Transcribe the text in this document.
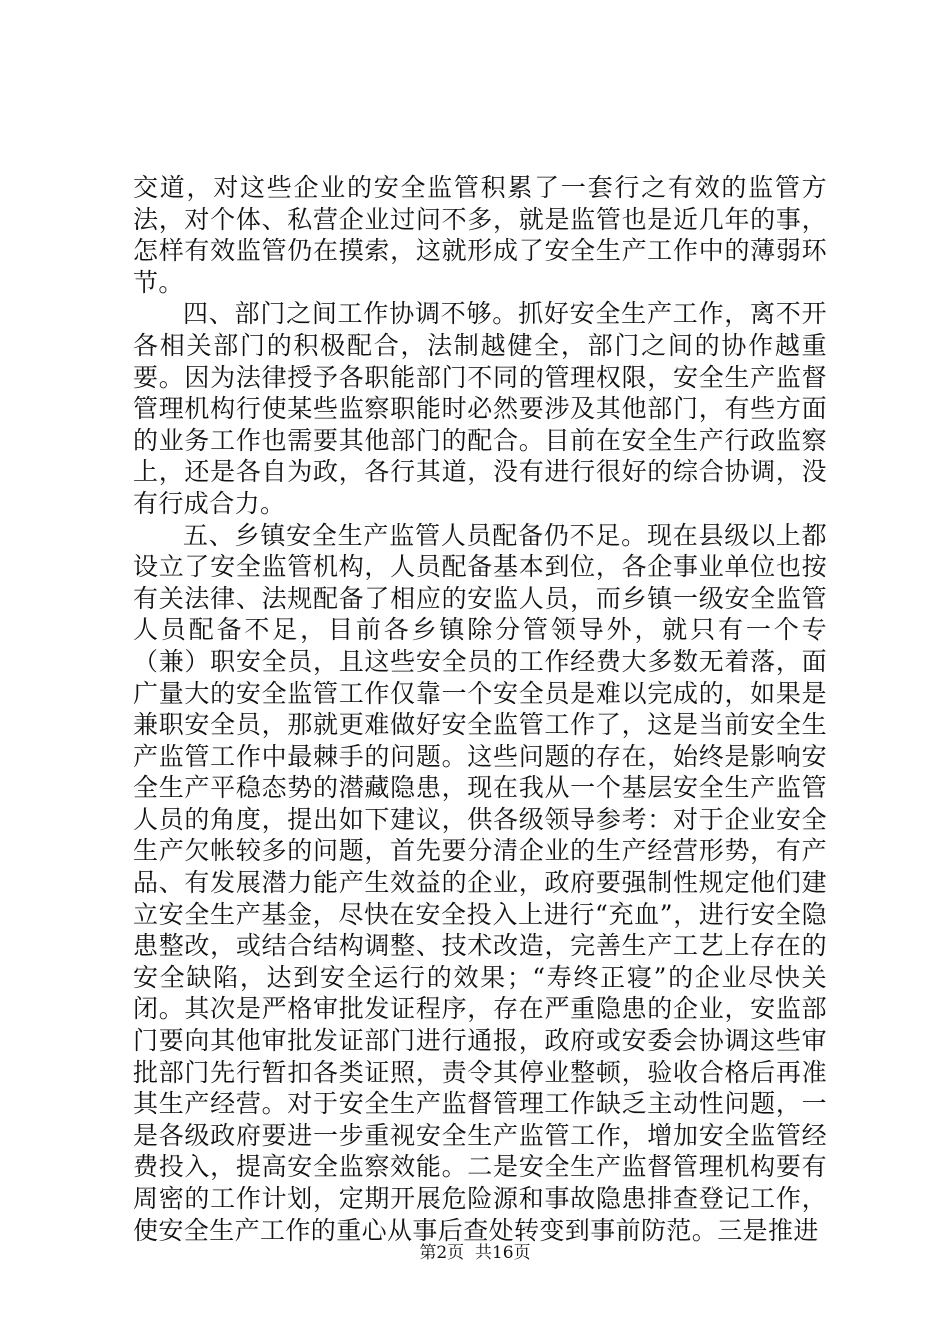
交道，对这些企业的安全监管积累了一套行之有效的监管方法，对个体、私营企业过问不多，就是监管也是近几年的事，怎样有效监管仍在摸索，这就形成了安全生产工作中的薄弱环节。

四、部门之间工作协调不够。抓好安全生产工作，离不开各相关部门的积极配合，法制越健全，部门之间的协作越重要。因为法律授予各职能部门不同的管理权限，安全生产监督管理机构行使某些监察职能时必然要涉及其他部门，有些方面的业务工作也需要其他部门的配合。目前在安全生产行政监察上，还是各自为政，各行其道，没有进行很好的综合协调，没有行成合力。

五、乡镇安全生产监管人员配备仍不足。现在县级以上都设立了安全监管机构，人员配备基本到位，各企事业单位也按有关法律、法规配备了相应的安监人员，而乡镇一级安全监管人员配备不足，目前各乡镇除分管领导外，就只有一个专（兼）职安全员，且这些安全员的工作经费大多数无着落，面广量大的安全监管工作仅靠一个安全员是难以完成的，如果是兼职安全员，那就更难做好安全监管工作了，这是当前安全生产监管工作中最棘手的问题。这些问题的存在，始终是影响安全生产平稳态势的潜藏隐患，现在我从一个基层安全生产监管人员的角度，提出如下建议，供各级领导参考：对于企业安全生产欠帐较多的问题，首先要分清企业的生产经营形势，有产品、有发展潜力能产生效益的企业，政府要强制性规定他们建立安全生产基金，尽快在安全投入上进行“充血”，进行安全隐患整改，或结合结构调整、技术改造，完善生产工艺上存在的安全缺陷，达到安全运行的效果；“寿终正寝”的企业尽快关闭。其次是严格审批发证程序，存在严重隐患的企业，安监部门要向其他审批发证部门进行通报，政府或安委会协调这些审批部门先行暂扣各类证照，责令其停业整顿，验收合格后再准其生产经营。对于安全生产监督管理工作缺乏主动性问题，一是各级政府要进一步重视安全生产监管工作，增加安全监管经费投入，提高安全监察效能。二是安全生产监督管理机构要有周密的工作计划，定期开展危险源和事故隐患排查登记工作，使安全生产工作的重心从事后查处转变到事前防范。三是推进

第2页  共16页
